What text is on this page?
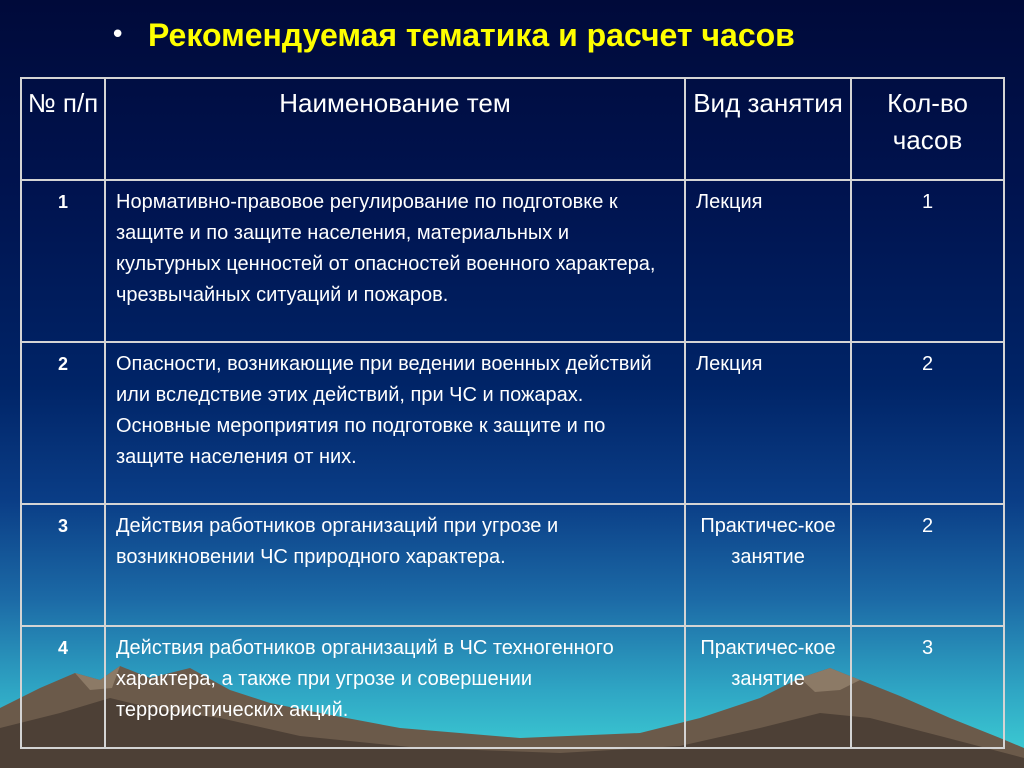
• Рекомендуемая тематика и расчет часов
№ п/п	Наименование тем	Вид занятия	Кол-во часов
1	Нормативно-правовое регулирование по подготовке к защите и по защите населения, материальных и культурных ценностей от опасностей военного характера, чрезвычайных ситуаций и пожаров.	Лекция	1
2	Опасности, возникающие при ведении военных действий или вследствие этих действий, при ЧС и пожарах. Основные мероприятия по подготовке к защите и по защите населения от них.	Лекция	2
3	Действия работников организаций при угрозе и возникновении ЧС природного характера.	Практичес-кое занятие	2
4	Действия работников организаций в ЧС техногенного характера, а также при угрозе и совершении террористических акций.	Практичес-кое занятие	3
